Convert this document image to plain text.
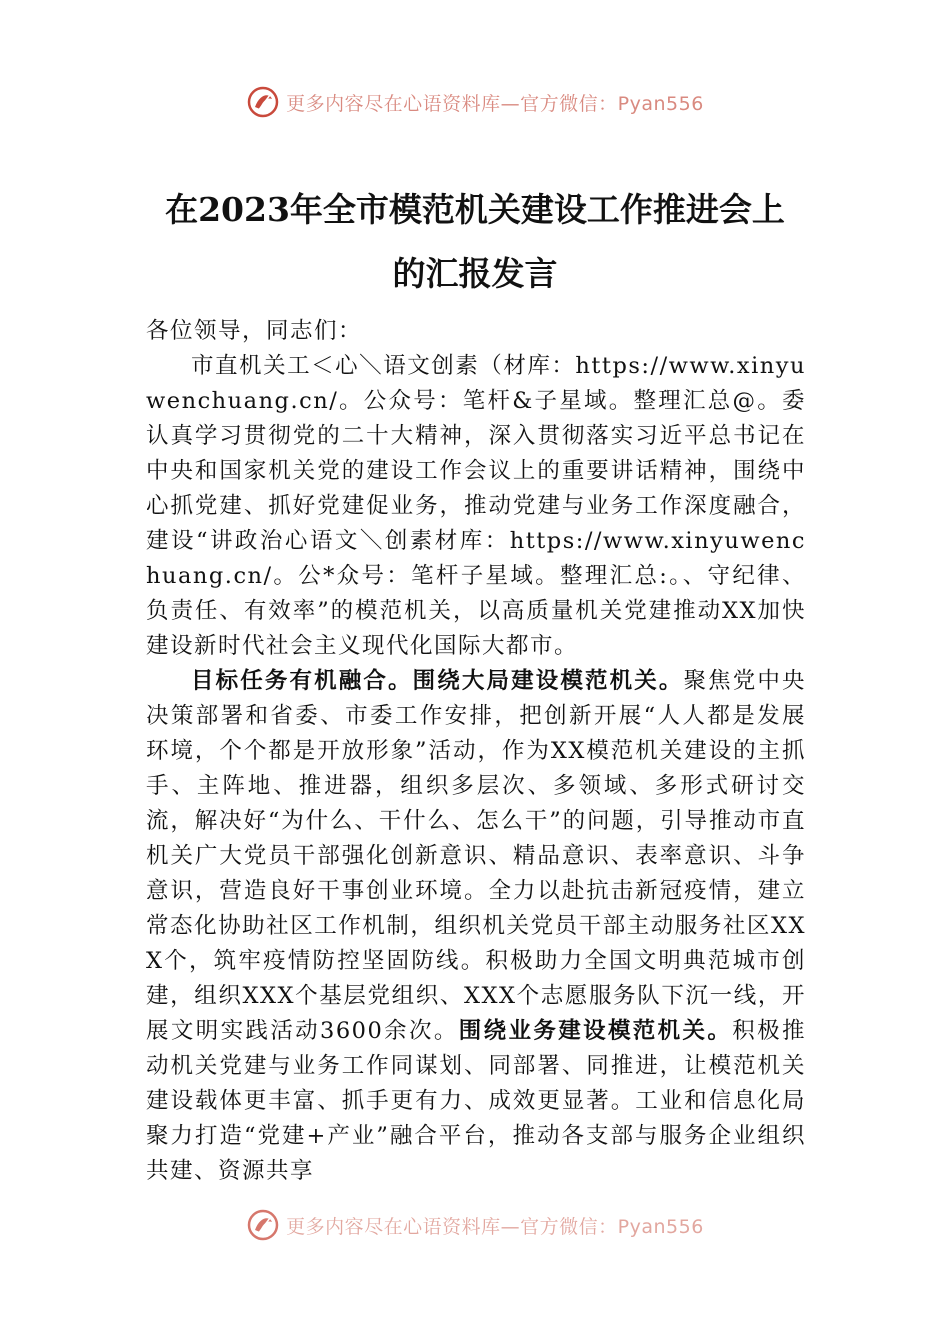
更多内容尽在心语资料库—官方微信：Pyan556
在2023年全市模范机关建设工作推进会上
的汇报发言

各位领导，同志们：

市直机关工＜心＼语文创素（材库：https://www.xinyuwenchuang.cn/。公众号：笔杆&子星域。整理汇总@。委认真学习贯彻党的二十大精神，深入贯彻落实习近平总书记在中央和国家机关党的建设工作会议上的重要讲话精神，围绕中心抓党建、抓好党建促业务，推动党建与业务工作深度融合，建设“讲政治心语文＼创素材库：https://www.xinyuwenchuang.cn/。公*众号：笔杆子星域。整理汇总:。、守纪律、负责任、有效率”的模范机关，以高质量机关党建推动XX加快建设新时代社会主义现代化国际大都市。

目标任务有机融合。围绕大局建设模范机关。聚焦党中央决策部署和省委、市委工作安排，把创新开展“人人都是发展环境，个个都是开放形象”活动，作为XX模范机关建设的主抓手、主阵地、推进器，组织多层次、多领域、多形式研讨交流，解决好“为什么、干什么、怎么干”的问题，引导推动市直机关广大党员干部强化创新意识、精品意识、表率意识、斗争意识，营造良好干事创业环境。全力以赴抗击新冠疫情，建立常态化协助社区工作机制，组织机关党员干部主动服务社区XXX个，筑牢疫情防控坚固防线。积极助力全国文明典范城市创建，组织XXX个基层党组织、XXX个志愿服务队下沉一线，开展文明实践活动3600余次。围绕业务建设模范机关。积极推动机关党建与业务工作同谋划、同部署、同推进，让模范机关建设载体更丰富、抓手更有力、成效更显著。工业和信息化局聚力打造“党建+产业”融合平台，推动各支部与服务企业组织共建、资源共享

更多内容尽在心语资料库—官方微信：Pyan556
